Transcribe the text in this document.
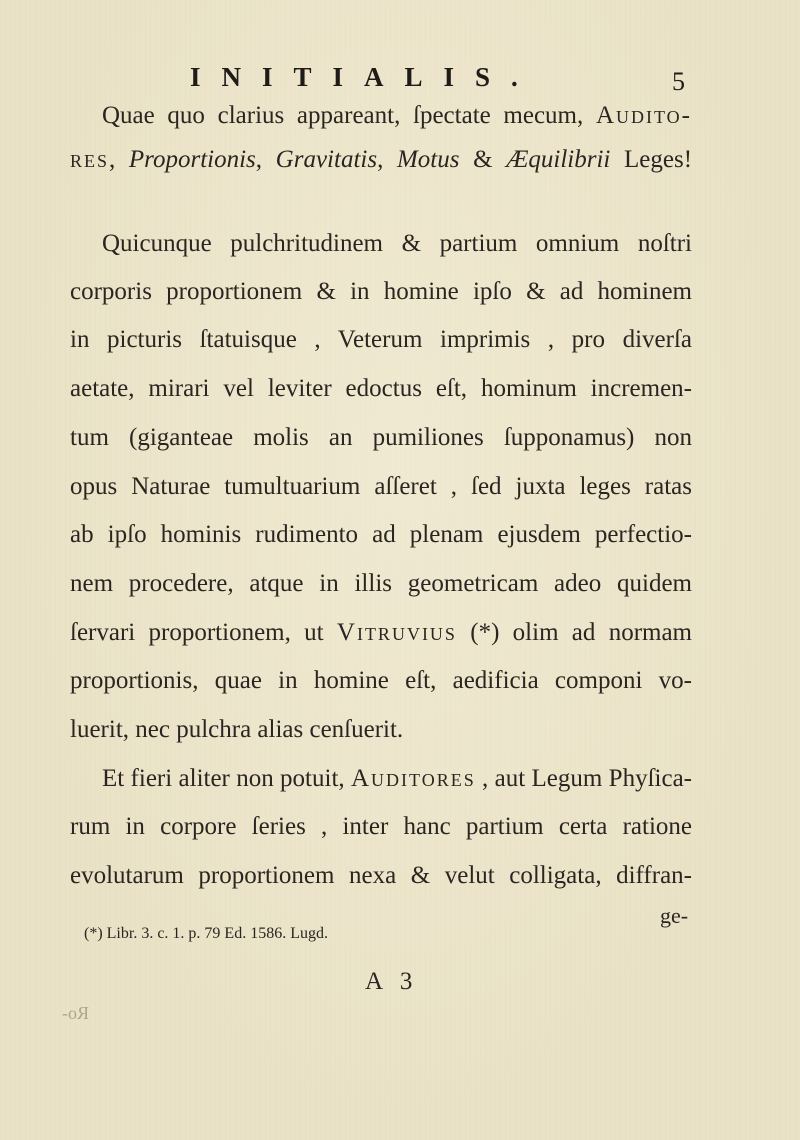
INITIALIS.	5
Quae quo clarius appareant, ſpectate mecum, Audito-
res, Proportionis, Gravitatis, Motus & Æquilibrii Leges!
Quicunque pulchritudinem & partium omnium noſtri
corporis proportionem & in homine ipſo & ad hominem
in picturis ſtatuisque , Veterum imprimis , pro diverſa
aetate, mirari vel leviter edoctus eſt, hominum incremen-
tum (giganteae molis an pumiliones ſupponamus) non
opus Naturae tumultuarium aſſeret , ſed juxta leges ratas
ab ipſo hominis rudimento ad plenam ejusdem perfectio-
nem procedere, atque in illis geometricam adeo quidem
ſervari proportionem, ut Vitruvius (*) olim ad normam
proportionis, quae in homine eſt, aedificia componi vo-
luerit, nec pulchra alias cenſuerit.
Et fieri aliter non potuit, Auditores , aut Legum Phyſica-
rum in corpore ſeries , inter hanc partium certa ratione
evolutarum proportionem nexa & velut colligata, diffran-
ge-
(*) Libr. 3. c. 1. p. 79 Ed. 1586. Lugd.
A 3
Ro-
